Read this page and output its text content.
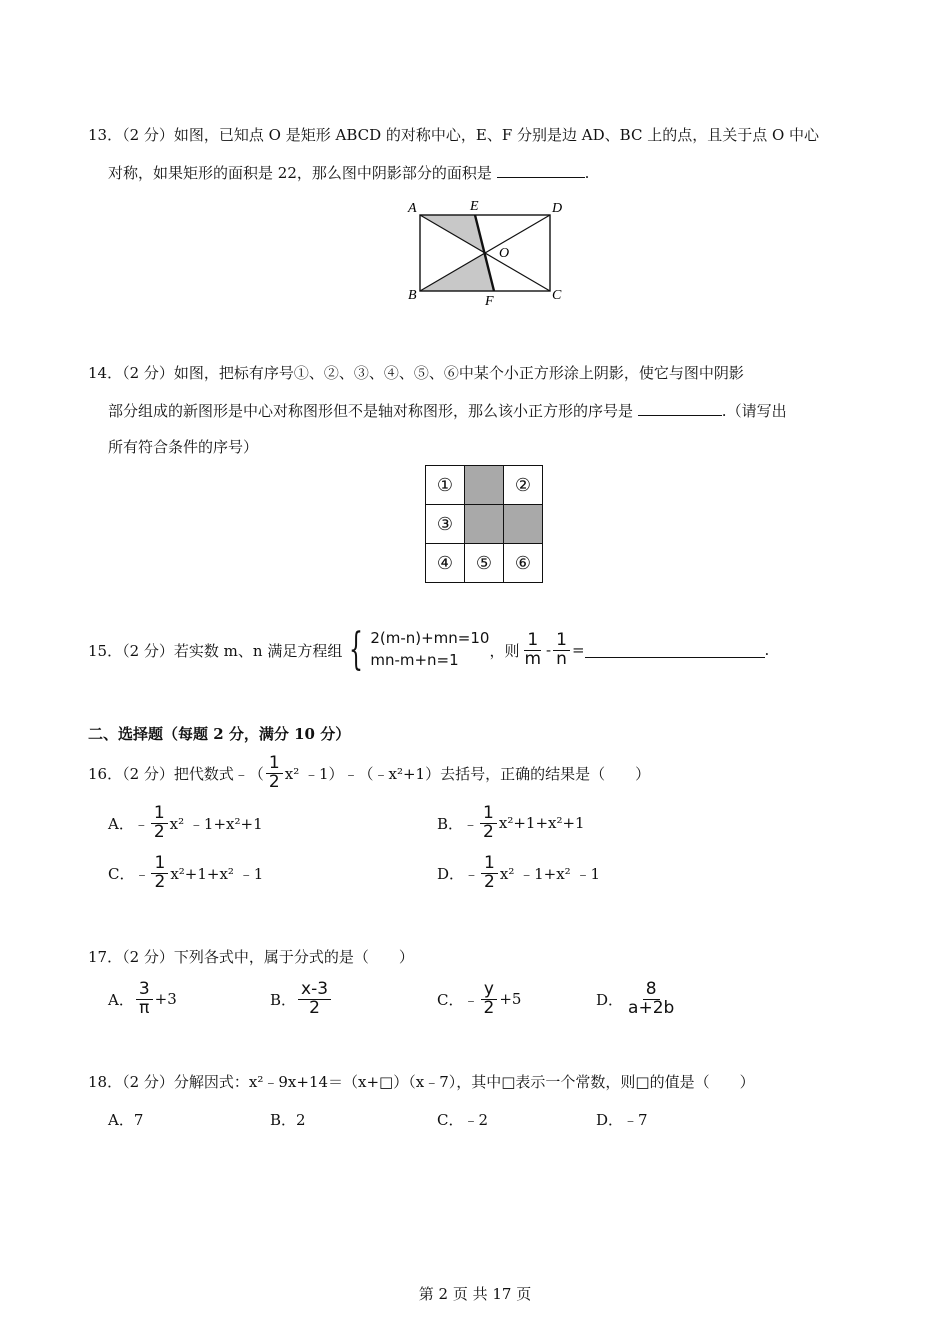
13．（2 分）如图，已知点 O 是矩形 ABCD 的对称中心，E、F 分别是边 AD、BC 上的点，且关于点 O 中心
对称，如果矩形的面积是 22，那么图中阴影部分的面积是	.
A	E	D
O
B	F	C
14．（2 分）如图，把标有序号①、②、③、④、⑤、⑥中某个小正方形涂上阴影，使它与图中阴影
部分组成的新图形是中心对称图形但不是轴对称图形，那么该小正方形的序号是	.（请写出
所有符合条件的序号）
①		②
③		
④	⑤	⑥
15．（2 分）若实数 m、n 满足方程组 { 2(m-n)+mn=10
mn-m+n=1
，则 $\frac{1}{m} - \frac{1}{n}$ =	.
二、选择题（每题 2 分，满分 10 分）
16．（2 分）把代数式﹣（ $\frac{1}{2} x^2$ ﹣1）﹣（﹣x²+1）去括号，正确的结果是（　　）
A．﹣ $\frac{1}{2} x^2$ ﹣1+x²+1	B．﹣ $\frac{1}{2} x^2+1+x^2+1$
C．﹣ $\frac{1}{2} x^2+1+x^2$ ﹣1	D．﹣ $\frac{1}{2} x^2$ ﹣1+x² ﹣1
17．（2 分）下列各式中，属于分式的是（　　）
A． $\frac{3}{\pi} +3$	B． $\frac{x-3}{2}$	C．﹣ $\frac{y}{2} +5$	D． $\frac{8}{a+2b}$
18．（2 分）分解因式：x²﹣9x+14＝（x+□）（x﹣7），其中□表示一个常数，则□的值是（　　）
A．7	B．2	C．﹣2	D．﹣7
第 2 页 共 17 页
